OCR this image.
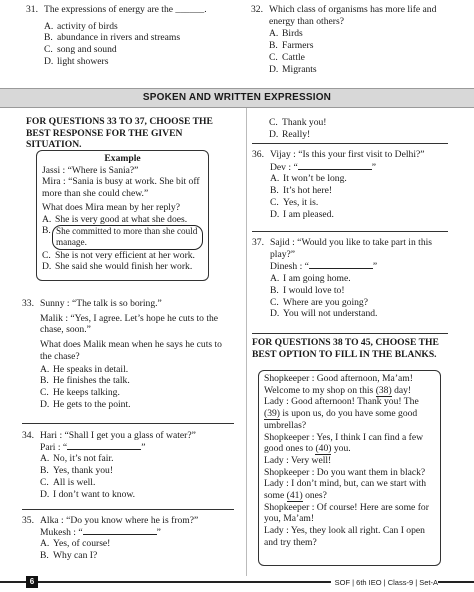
31. The expressions of energy are the ______.
A. activity of birds
B. abundance in rivers and streams
C. song and sound
D. light showers
32. Which class of organisms has more life and energy than others?
A. Birds
B. Farmers
C. Cattle
D. Migrants
SPOKEN AND WRITTEN EXPRESSION
FOR QUESTIONS 33 TO 37, CHOOSE THE BEST RESPONSE FOR THE GIVEN SITUATION.
Example
Jassi : “Where is Sania?”
Mira : “Sania is busy at work. She bit off more than she could chew.”
What does Mira mean by her reply?
A. She is very good at what she does.
B. She committed to more than she could manage.
C. She is not very efficient at her work.
D. She said she would finish her work.
33. Sunny : “The talk is so boring.”
Malik : “Yes, I agree. Let’s hope he cuts to the chase, soon.”
What does Malik mean when he says he cuts to the chase?
A. He speaks in detail.
B. He finishes the talk.
C. He keeps talking.
D. He gets to the point.
34. Hari : “Shall I get you a glass of water?”
Pari : “	”
A. No, it’s not fair.
B. Yes, thank you!
C. All is well.
D. I don’t want to know.
35. Alka : “Do you know where he is from?”
Mukesh : “	”
A. Yes, of course!
B. Why can I?
C. Thank you!
D. Really!
36. Vijay : “Is this your first visit to Delhi?”
Dev : “	”
A. It won’t be long.
B. It’s hot here!
C. Yes, it is.
D. I am pleased.
37. Sajid : “Would you like to take part in this play?”
Dinesh : “	”
A. I am going home.
B. I would love to!
C. Where are you going?
D. You will not understand.
FOR QUESTIONS 38 TO 45, CHOOSE THE BEST OPTION TO FILL IN THE BLANKS.
Shopkeeper : Good afternoon, Ma’am! Welcome to my shop on this (38) day!
Lady : Good afternoon! Thank you! The (39) is upon us, do you have some good umbrellas?
Shopkeeper : Yes, I think I can find a few good ones to (40) you.
Lady : Very well!
Shopkeeper : Do you want them in black?
Lady : I don’t mind, but, can we start with some (41) ones?
Shopkeeper : Of course! Here are some for you, Ma’am!
Lady : Yes, they look all right. Can I open and try them?
6	SOF | 6th IEO | Class-9 | Set-A
